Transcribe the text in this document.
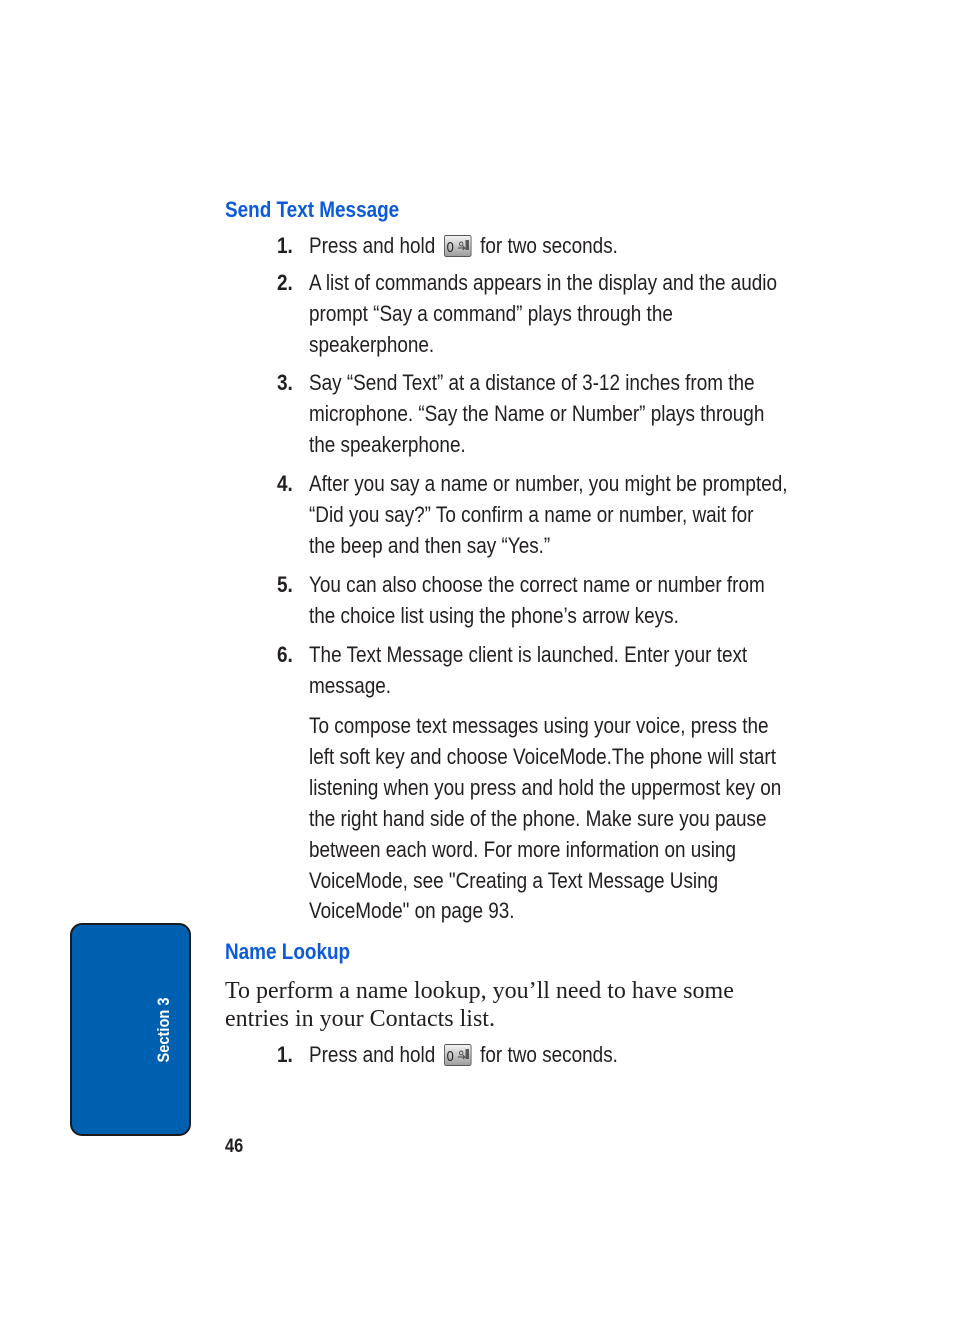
Send Text Message
1. Press and hold 0 for two seconds.
2. A list of commands appears in the display and the audio
prompt “Say a command” plays through the
speakerphone.
3. Say “Send Text” at a distance of 3-12 inches from the
microphone. “Say the Name or Number” plays through
the speakerphone.
4. After you say a name or number, you might be prompted,
“Did you say?” To confirm a name or number, wait for
the beep and then say “Yes.”
5. You can also choose the correct name or number from
the choice list using the phone’s arrow keys.
6. The Text Message client is launched. Enter your text
message.
To compose text messages using your voice, press the
left soft key and choose VoiceMode.The phone will start
listening when you press and hold the uppermost key on
the right hand side of the phone. Make sure you pause
between each word. For more information on using
VoiceMode, see "Creating a Text Message Using
VoiceMode" on page 93.
Name Lookup
To perform a name lookup, you’ll need to have some
entries in your Contacts list.
1. Press and hold 0 for two seconds.
Section 3
46
